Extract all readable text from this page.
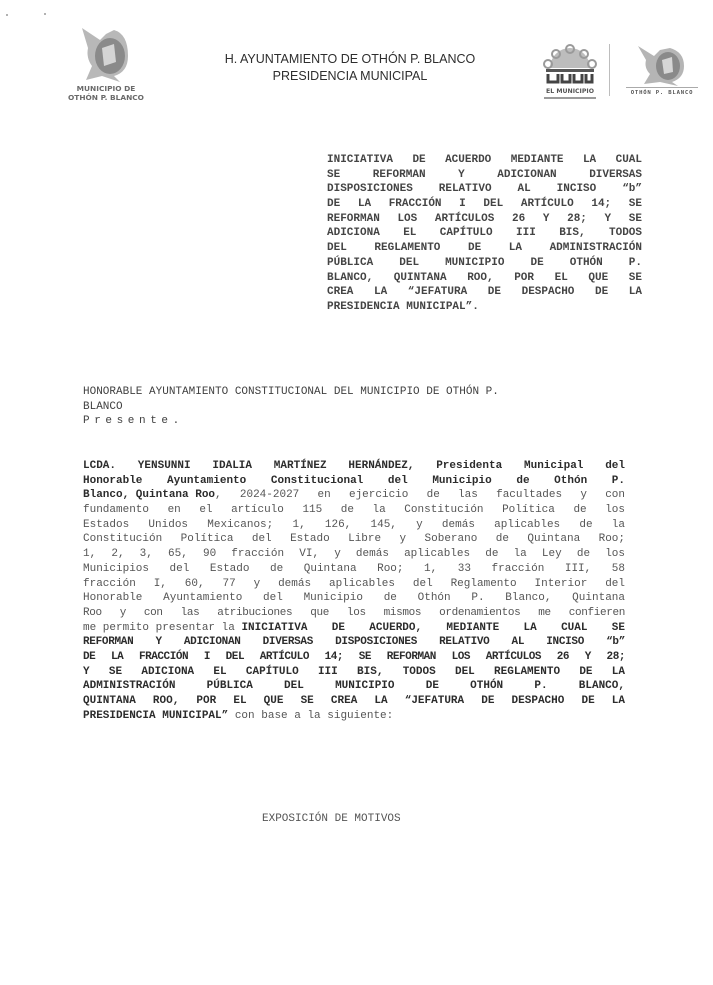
MUNICIPIO DE
OTHÓN P. BLANCO
H. AYUNTAMIENTO DE OTHÓN P. BLANCO
PRESIDENCIA MUNICIPAL
EL MUNICIPIO	OTHÓN P. BLANCO
INICIATIVA DE ACUERDO MEDIANTE LA CUAL
SE REFORMAN Y ADICIONAN DIVERSAS
DISPOSICIONES RELATIVO AL INCISO “b”
DE LA FRACCIÓN I DEL ARTÍCULO 14; SE
REFORMAN LOS ARTÍCULOS 26 Y 28; Y SE
ADICIONA EL CAPÍTULO III BIS, TODOS
DEL REGLAMENTO DE LA ADMINISTRACIÓN
PÚBLICA DEL MUNICIPIO DE OTHÓN P.
BLANCO, QUINTANA ROO, POR EL QUE SE
CREA LA “JEFATURA DE DESPACHO DE LA
PRESIDENCIA MUNICIPAL”.
HONORABLE AYUNTAMIENTO CONSTITUCIONAL DEL MUNICIPIO DE OTHÓN P.
BLANCO
Presente.
LCDA. YENSUNNI IDALIA MARTÍNEZ HERNÁNDEZ, Presidenta Municipal del
Honorable Ayuntamiento Constitucional del Municipio de Othón P.
Blanco, Quintana Roo , 2024-2027 en ejercicio de las facultades y con
fundamento en el artículo 115 de la Constitución Política de los
Estados Unidos Mexicanos; 1, 126, 145, y demás aplicables de la
Constitución Política del Estado Libre y Soberano de Quintana Roo;
1, 2, 3, 65, 90 fracción VI, y demás aplicables de la Ley de los
Municipios del Estado de Quintana Roo; 1, 33 fracción III, 58
fracción I, 60, 77 y demás aplicables del Reglamento Interior del
Honorable Ayuntamiento del Municipio de Othón P. Blanco, Quintana
Roo y con las atribuciones que los mismos ordenamientos me confieren
me permito presentar la INICIATIVA DE ACUERDO, MEDIANTE LA CUAL SE
REFORMAN Y ADICIONAN DIVERSAS DISPOSICIONES RELATIVO AL INCISO “b”
DE LA FRACCIÓN I DEL ARTÍCULO 14; SE REFORMAN LOS ARTÍCULOS 26 Y 28;
Y SE ADICIONA EL CAPÍTULO III BIS, TODOS DEL REGLAMENTO DE LA
ADMINISTRACIÓN PÚBLICA DEL MUNICIPIO DE OTHÓN P. BLANCO,
QUINTANA ROO, POR EL QUE SE CREA LA “JEFATURA DE DESPACHO DE LA
PRESIDENCIA MUNICIPAL” con base a la siguiente:
EXPOSICIÓN DE MOTIVOS
